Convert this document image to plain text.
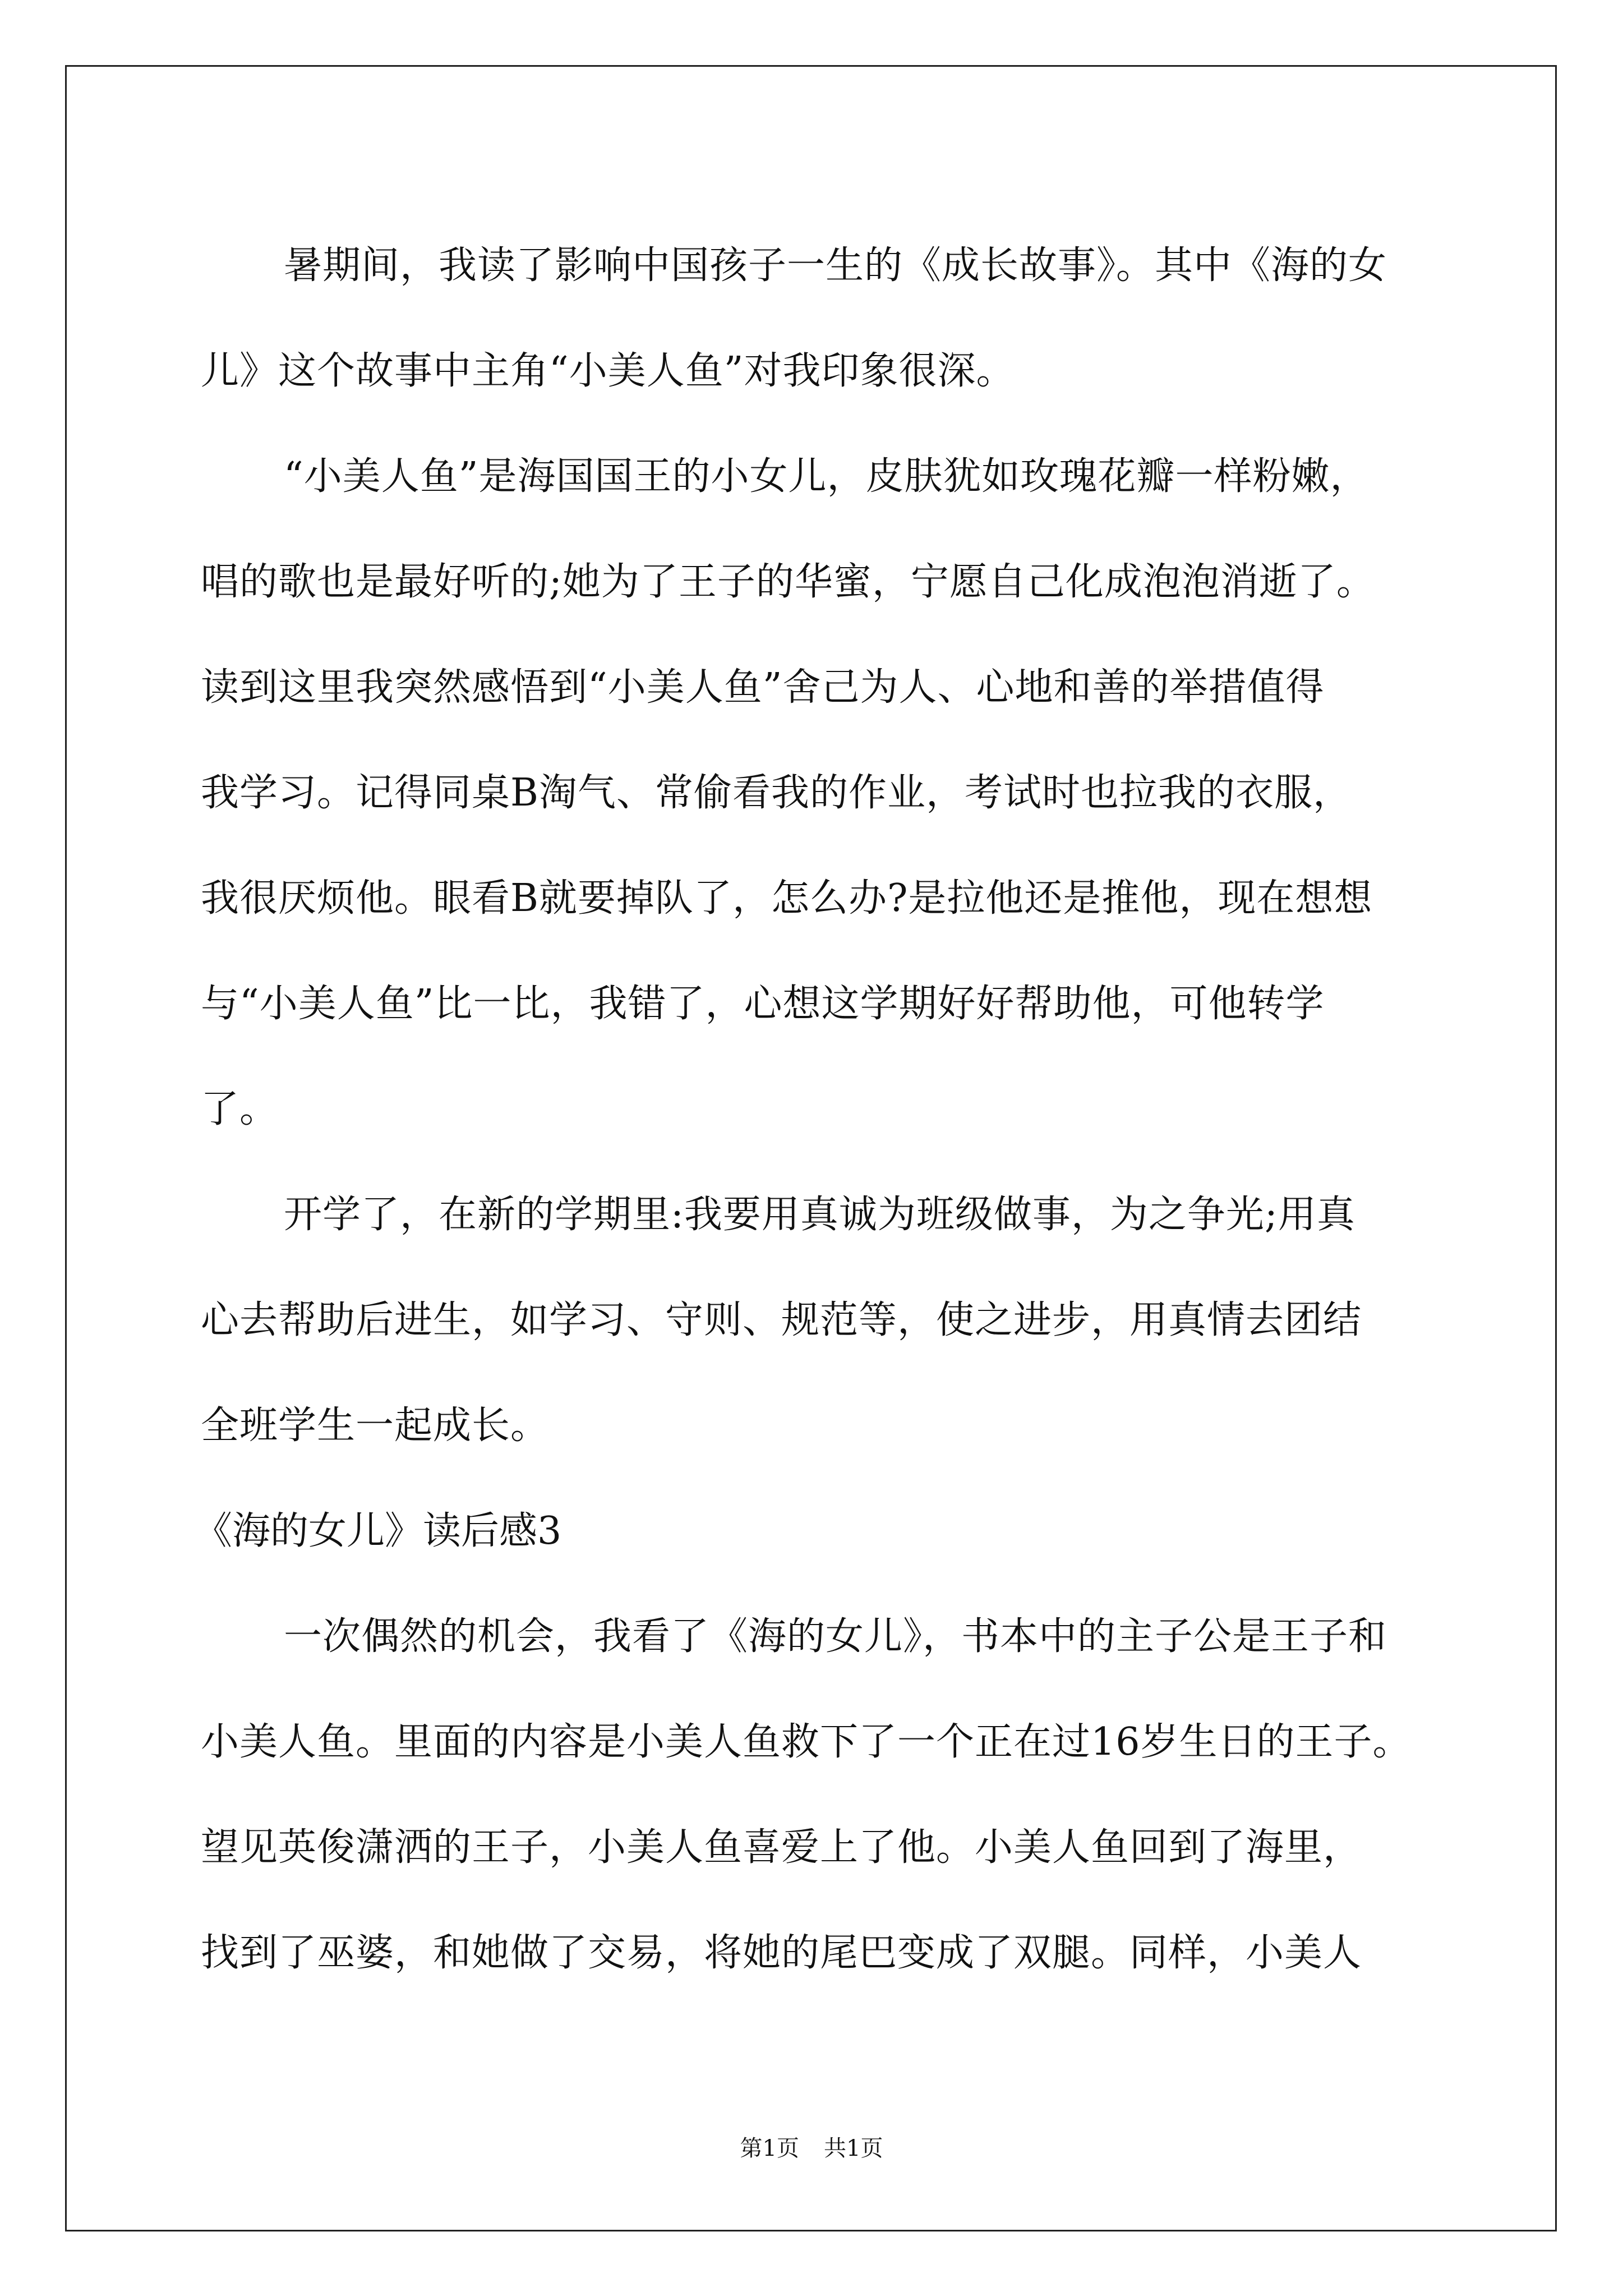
暑期间，我读了影响中国孩子一生的《成长故事》。其中《海的女
儿》这个故事中主角“小美人鱼”对我印象很深。
“小美人鱼”是海国国王的小女儿，皮肤犹如玫瑰花瓣一样粉嫩，
唱的歌也是最好听的;她为了王子的华蜜，宁愿自己化成泡泡消逝了。
读到这里我突然感悟到“小美人鱼”舍己为人、心地和善的举措值得
我学习。记得同桌B淘气、常偷看我的作业，考试时也拉我的衣服，
我很厌烦他。眼看B就要掉队了，怎么办?是拉他还是推他，现在想想
与“小美人鱼”比一比，我错了，心想这学期好好帮助他，可他转学
了。
开学了，在新的学期里:我要用真诚为班级做事，为之争光;用真
心去帮助后进生，如学习、守则、规范等，使之进步，用真情去团结
全班学生一起成长。
《海的女儿》读后感3
一次偶然的机会，我看了《海的女儿》，书本中的主子公是王子和
小美人鱼。里面的内容是小美人鱼救下了一个正在过16岁生日的王子。
望见英俊潇洒的王子，小美人鱼喜爱上了他。小美人鱼回到了海里，
找到了巫婆，和她做了交易，将她的尾巴变成了双腿。同样，小美人
第1页 共1页
